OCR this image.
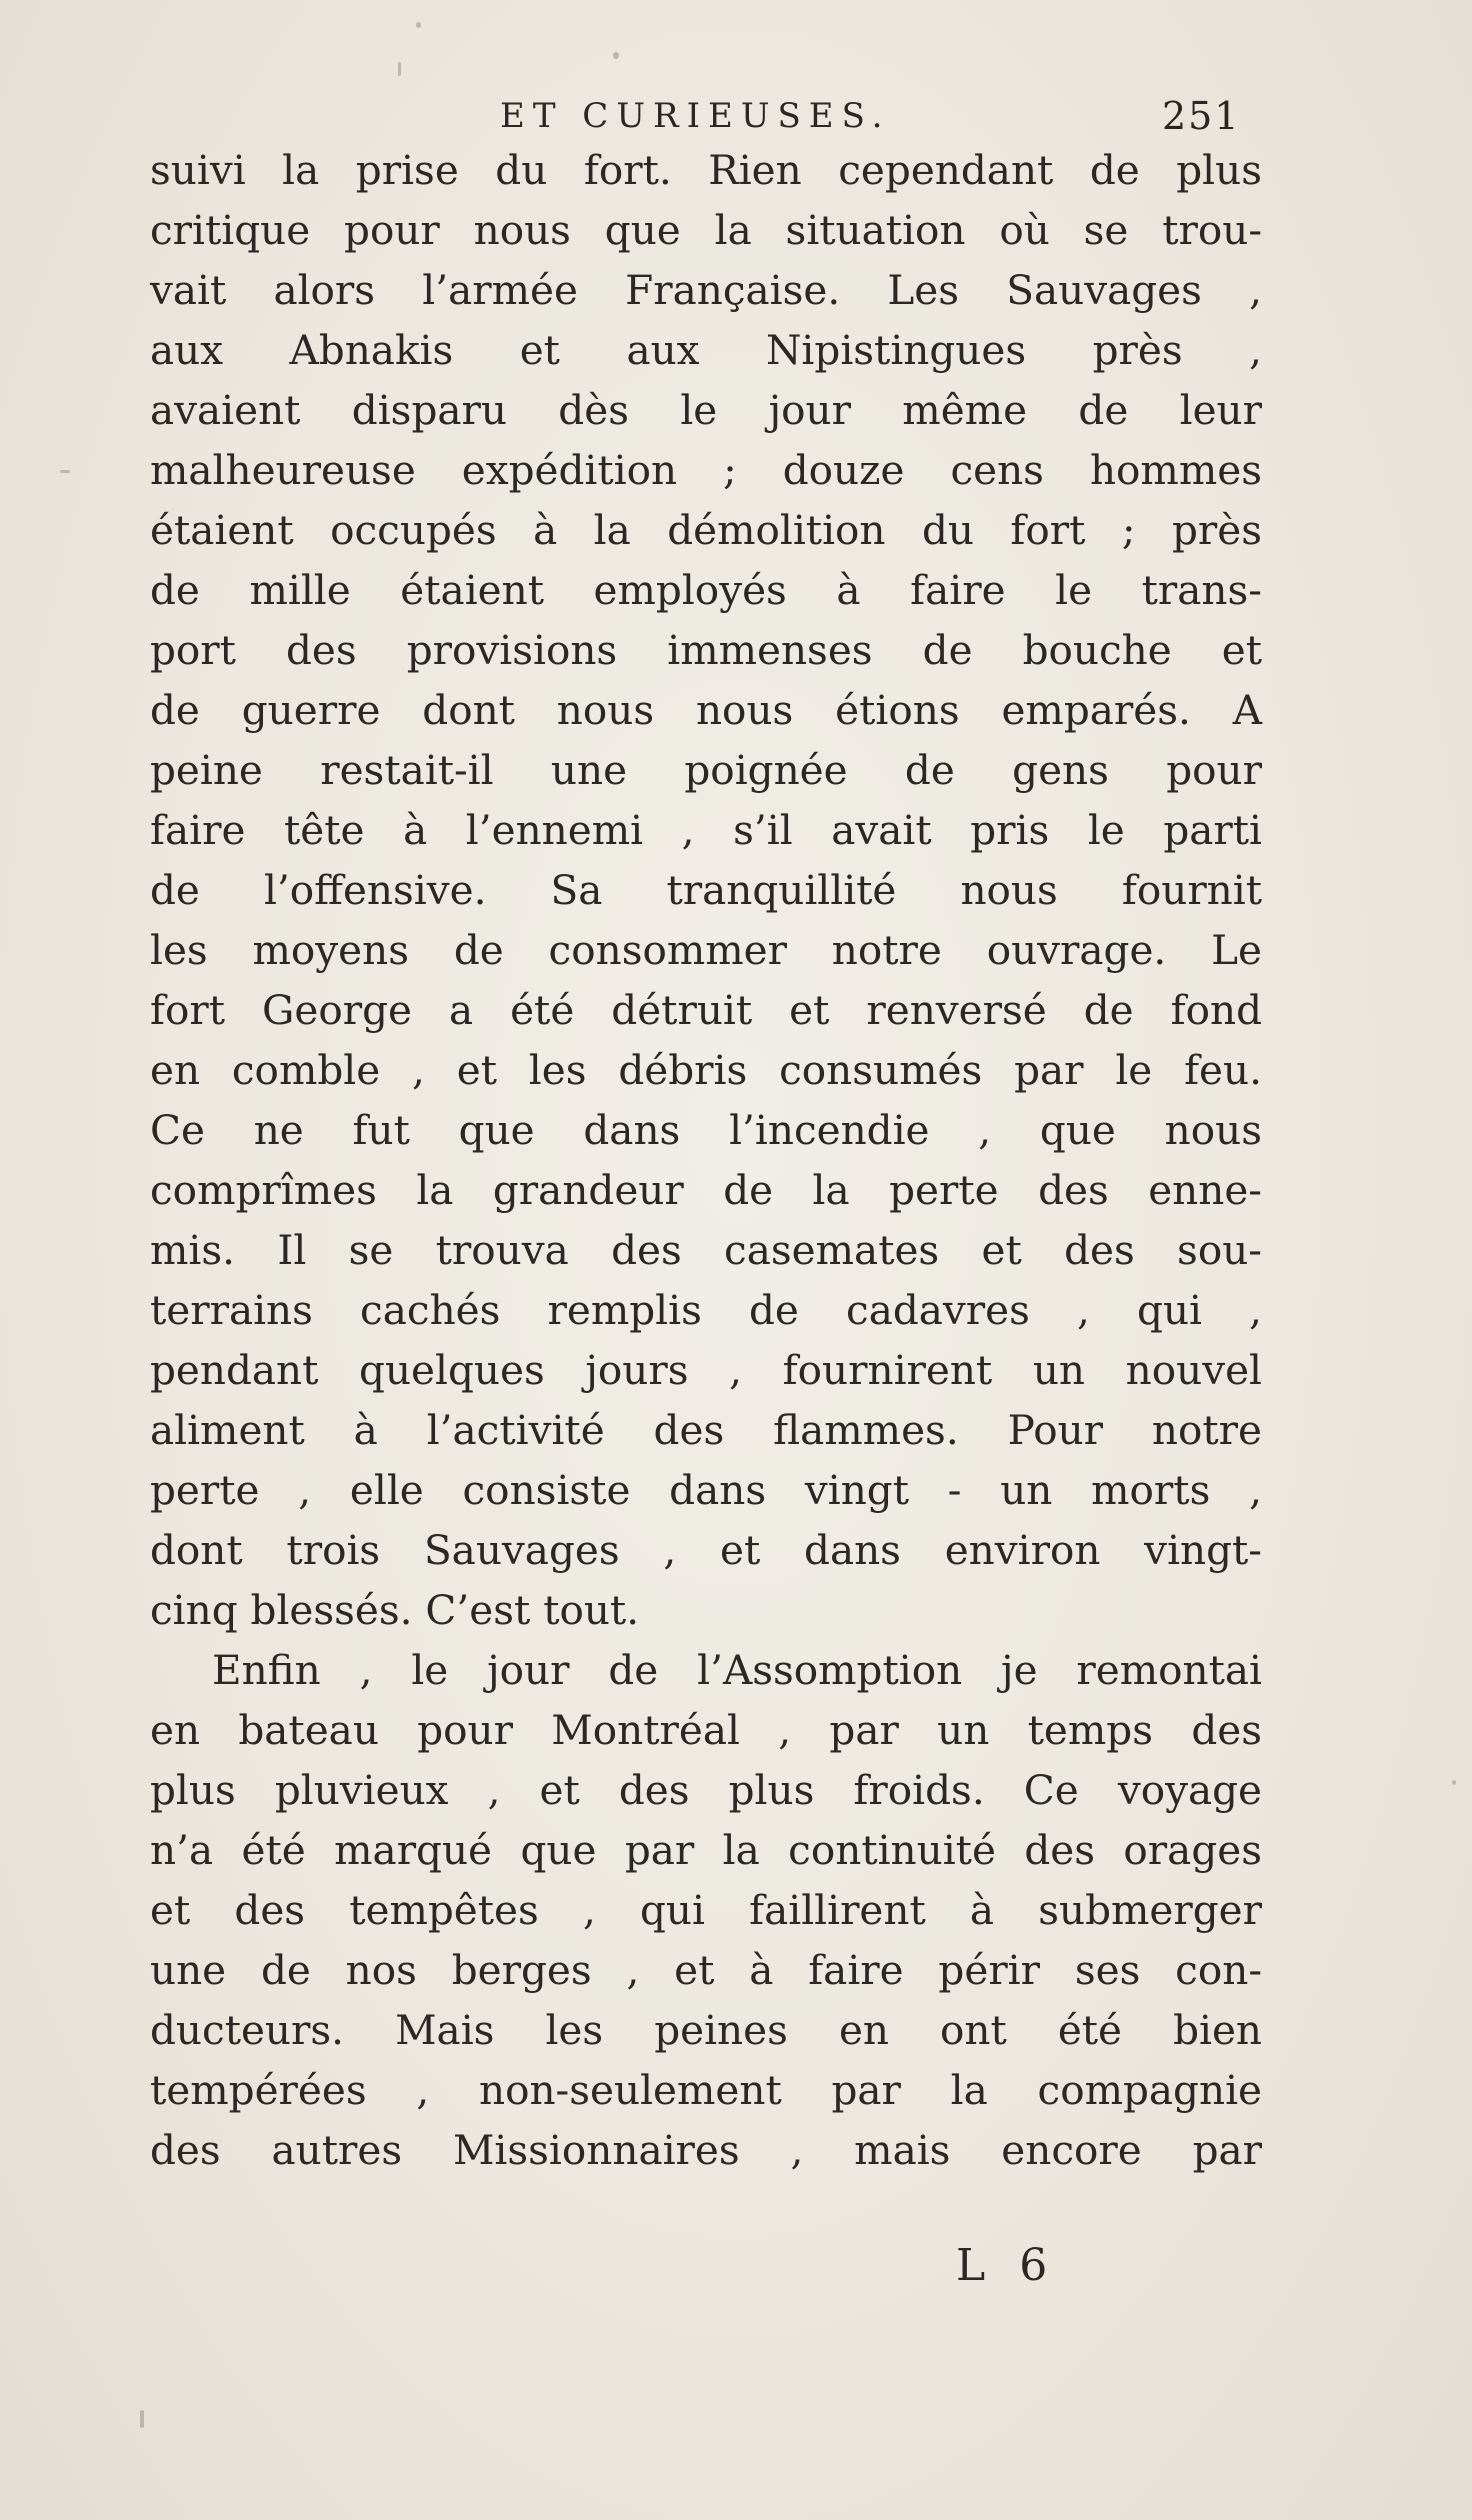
ET CURIEUSES.	251
suivi la prise du fort. Rien cependant de plus
critique pour nous que la situation où se trou-
vait alors l’armée Française. Les Sauvages ,
aux Abnakis et aux Nipistingues près ,
avaient disparu dès le jour même de leur
malheureuse expédition ; douze cens hommes
étaient occupés à la démolition du fort ; près
de mille étaient employés à faire le trans-
port des provisions immenses de bouche et
de guerre dont nous nous étions emparés. A
peine restait-il une poignée de gens pour
faire tête à l’ennemi , s’il avait pris le parti
de l’offensive. Sa tranquillité nous fournit
les moyens de consommer notre ouvrage. Le
fort George a été détruit et renversé de fond
en comble , et les débris consumés par le feu.
Ce ne fut que dans l’incendie , que nous
comprîmes la grandeur de la perte des enne-
mis. Il se trouva des casemates et des sou-
terrains cachés remplis de cadavres , qui ,
pendant quelques jours , fournirent un nouvel
aliment à l’activité des flammes. Pour notre
perte , elle consiste dans vingt - un morts ,
dont trois Sauvages , et dans environ vingt-
cinq blessés. C’est tout.
Enfin , le jour de l’Assomption je remontai
en bateau pour Montréal , par un temps des
plus pluvieux , et des plus froids. Ce voyage
n’a été marqué que par la continuité des orages
et des tempêtes , qui faillirent à submerger
une de nos berges , et à faire périr ses con-
ducteurs. Mais les peines en ont été bien
tempérées , non-seulement par la compagnie
des autres Missionnaires , mais encore par
L 6
